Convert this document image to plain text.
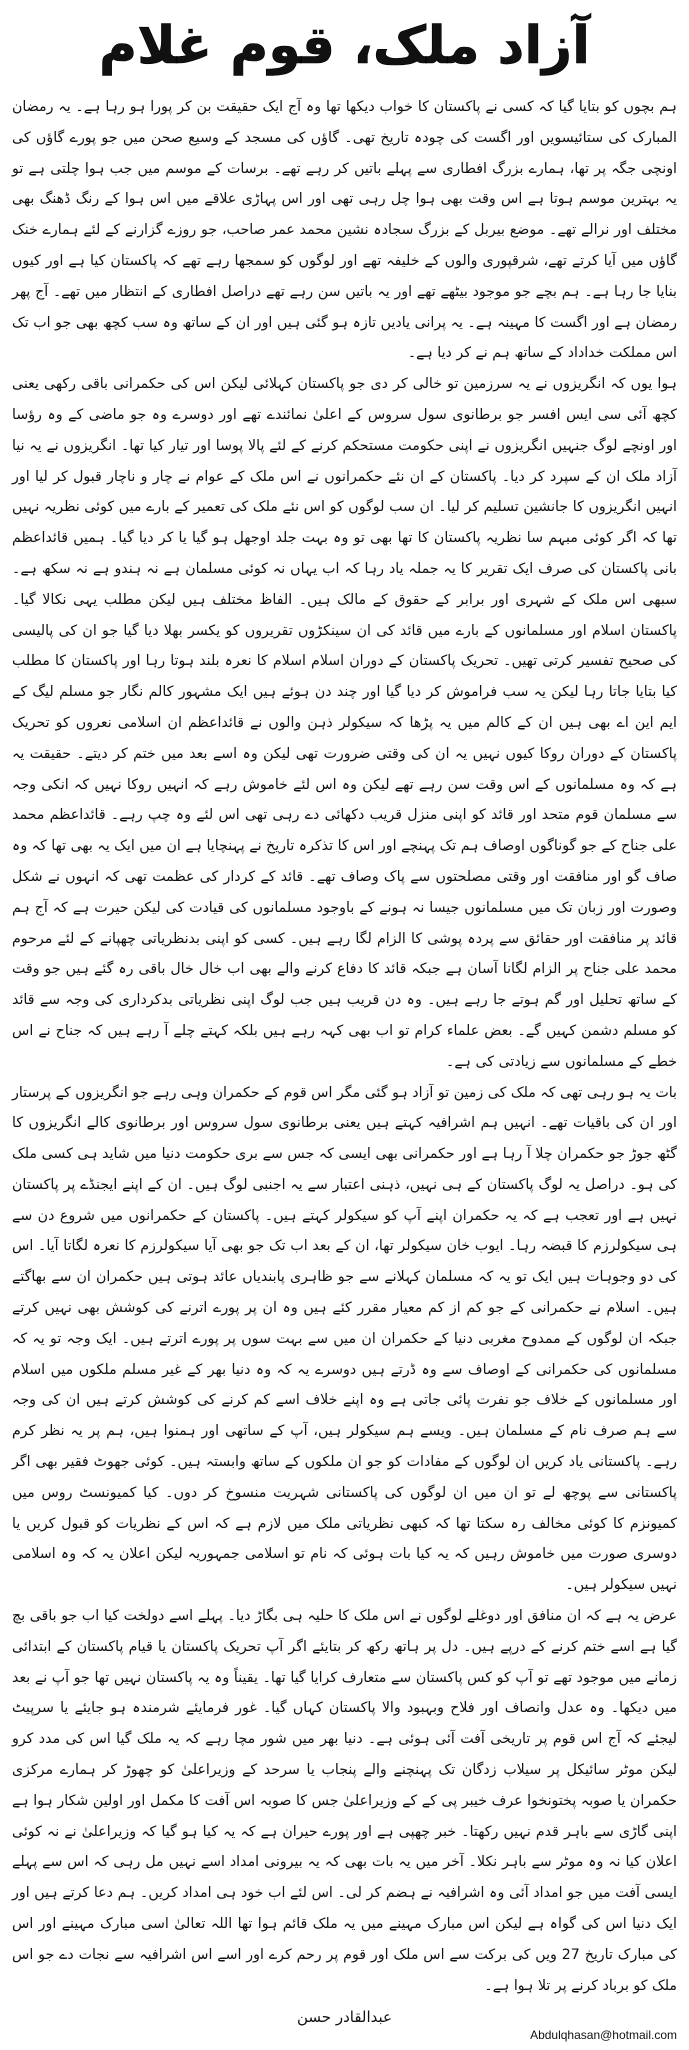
آزاد ملک، قوم غلام

ہم بچوں کو بتایا گیا کہ کسی نے پاکستان کا خواب دیکھا تھا وہ آج ایک حقیقت بن کر پورا ہو رہا ہے۔ یہ رمضان المبارک کی ستائیسویں اور اگست کی چودہ تاریخ تھی۔ گاؤں کی مسجد کے وسیع صحن میں جو پورے گاؤں کی اونچی جگہ پر تھا، ہمارے بزرگ افطاری سے پہلے باتیں کر رہے تھے۔ برسات کے موسم میں جب ہوا چلتی ہے تو یہ بہترین موسم ہوتا ہے اس وقت بھی ہوا چل رہی تھی اور اس پہاڑی علاقے میں اس ہوا کے رنگ ڈھنگ بھی مختلف اور نرالے تھے۔ موضع بیربل کے بزرگ سجادہ نشین محمد عمر صاحب، جو روزے گزارنے کے لئے ہمارے خنک گاؤں میں آیا کرتے تھے، شرقپوری والوں کے خلیفہ تھے اور لوگوں کو سمجھا رہے تھے کہ پاکستان کیا ہے اور کیوں بنایا جا رہا ہے۔ ہم بچے جو موجود بیٹھے تھے اور یہ باتیں سن رہے تھے دراصل افطاری کے انتظار میں تھے۔ آج پھر رمضان ہے اور اگست کا مہینہ ہے۔ یہ پرانی یادیں تازہ ہو گئی ہیں اور ان کے ساتھ وہ سب کچھ بھی جو اب تک اس مملکت خداداد کے ساتھ ہم نے کر دیا ہے۔

ہوا یوں کہ انگریزوں نے یہ سرزمین تو خالی کر دی جو پاکستان کہلائی لیکن اس کی حکمرانی باقی رکھی یعنی کچھ آئی سی ایس افسر جو برطانوی سول سروس کے اعلیٰ نمائندے تھے اور دوسرے وہ جو ماضی کے وہ رؤسا اور اونچے لوگ جنہیں انگریزوں نے اپنی حکومت مستحکم کرنے کے لئے پالا پوسا اور تیار کیا تھا۔ انگریزوں نے یہ نیا آزاد ملک ان کے سپرد کر دیا۔ پاکستان کے ان نئے حکمرانوں نے اس ملک کے عوام نے چار و ناچار قبول کر لیا اور انہیں انگریزوں کا جانشین تسلیم کر لیا۔ ان سب لوگوں کو اس نئے ملک کی تعمیر کے بارے میں کوئی نظریہ نہیں تھا کہ اگر کوئی مبہم سا نظریہ پاکستان کا تھا بھی تو وہ بہت جلد اوجھل ہو گیا یا کر دیا گیا۔ ہمیں قائداعظم بانی پاکستان کی صرف ایک تقریر کا یہ جملہ یاد رہا کہ اب یہاں نہ کوئی مسلمان ہے نہ ہندو ہے نہ سکھ ہے۔ سبھی اس ملک کے شہری اور برابر کے حقوق کے مالک ہیں۔ الفاظ مختلف ہیں لیکن مطلب یہی نکالا گیا۔ پاکستان اسلام اور مسلمانوں کے بارے میں قائد کی ان سینکڑوں تقریروں کو یکسر بھلا دیا گیا جو ان کی پالیسی کی صحیح تفسیر کرتی تھیں۔ تحریک پاکستان کے دوران اسلام اسلام کا نعرہ بلند ہوتا رہا اور پاکستان کا مطلب کیا بتایا جاتا رہا لیکن یہ سب فراموش کر دیا گیا اور چند دن ہوئے ہیں ایک مشہور کالم نگار جو مسلم لیگ کے ایم این اے بھی ہیں ان کے کالم میں یہ پڑھا کہ سیکولر ذہن والوں نے قائداعظم ان اسلامی نعروں کو تحریک پاکستان کے دوران روکا کیوں نہیں یہ ان کی وقتی ضرورت تھی لیکن وہ اسے بعد میں ختم کر دیتے۔ حقیقت یہ ہے کہ وہ مسلمانوں کے اس وقت سن رہے تھے لیکن وہ اس لئے خاموش رہے کہ انہیں روکا نہیں کہ انکی وجہ سے مسلمان قوم متحد اور قائد کو اپنی منزل قریب دکھائی دے رہی تھی اس لئے وہ چپ رہے۔ قائداعظم محمد علی جناح کے جو گوناگوں اوصاف ہم تک پہنچے اور اس کا تذکرہ تاریخ نے پہنچایا ہے ان میں ایک یہ بھی تھا کہ وہ صاف گو اور منافقت اور وقتی مصلحتوں سے پاک وصاف تھے۔ قائد کے کردار کی عظمت تھی کہ انہوں نے شکل وصورت اور زبان تک میں مسلمانوں جیسا نہ ہونے کے باوجود مسلمانوں کی قیادت کی لیکن حیرت ہے کہ آج ہم قائد پر منافقت اور حقائق سے پردہ پوشی کا الزام لگا رہے ہیں۔ کسی کو اپنی بدنظریاتی چھپانے کے لئے مرحوم محمد علی جناح پر الزام لگانا آسان ہے جبکہ قائد کا دفاع کرنے والے بھی اب خال خال باقی رہ گئے ہیں جو وقت کے ساتھ تحلیل اور گم ہوتے جا رہے ہیں۔ وہ دن قریب ہیں جب لوگ اپنی نظریاتی بدکرداری کی وجہ سے قائد کو مسلم دشمن کہیں گے۔ بعض علماء کرام تو اب بھی کہہ رہے ہیں بلکہ کہتے چلے آ رہے ہیں کہ جناح نے اس خطے کے مسلمانوں سے زیادتی کی ہے۔

بات یہ ہو رہی تھی کہ ملک کی زمین تو آزاد ہو گئی مگر اس قوم کے حکمران وہی رہے جو انگریزوں کے پرستار اور ان کی باقیات تھے۔ انہیں ہم اشرافیہ کہتے ہیں یعنی برطانوی سول سروس اور برطانوی کالے انگریزوں کا گٹھ جوڑ جو حکمران چلا آ رہا ہے اور حکمرانی بھی ایسی کہ جس سے بری حکومت دنیا میں شاید ہی کسی ملک کی ہو۔ دراصل یہ لوگ پاکستان کے ہی نہیں، ذہنی اعتبار سے یہ اجنبی لوگ ہیں۔ ان کے اپنے ایجنڈے پر پاکستان نہیں ہے اور تعجب ہے کہ یہ حکمران اپنے آپ کو سیکولر کہتے ہیں۔ پاکستان کے حکمرانوں میں شروع دن سے ہی سیکولرزم کا قبضہ رہا۔ ایوب خان سیکولر تھا، ان کے بعد اب تک جو بھی آیا سیکولرزم کا نعرہ لگاتا آیا۔ اس کی دو وجوہات ہیں ایک تو یہ کہ مسلمان کہلانے سے جو ظاہری پابندیاں عائد ہوتی ہیں حکمران ان سے بھاگتے ہیں۔ اسلام نے حکمرانی کے جو کم از کم معیار مقرر کئے ہیں وہ ان پر پورے اترنے کی کوشش بھی نہیں کرتے جبکہ ان لوگوں کے ممدوح مغربی دنیا کے حکمران ان میں سے بہت سوں پر پورے اترتے ہیں۔ ایک وجہ تو یہ کہ مسلمانوں کی حکمرانی کے اوصاف سے وہ ڈرتے ہیں دوسرے یہ کہ وہ دنیا بھر کے غیر مسلم ملکوں میں اسلام اور مسلمانوں کے خلاف جو نفرت پائی جاتی ہے وہ اپنے خلاف اسے کم کرنے کی کوشش کرتے ہیں ان کی وجہ سے ہم صرف نام کے مسلمان ہیں۔ ویسے ہم سیکولر ہیں، آپ کے ساتھی اور ہمنوا ہیں، ہم پر یہ نظر کرم رہے۔ پاکستانی یاد کریں ان لوگوں کے مفادات کو جو ان ملکوں کے ساتھ وابستہ ہیں۔ کوئی جھوٹ فقیر بھی اگر پاکستانی سے پوچھ لے تو ان میں ان لوگوں کی پاکستانی شہریت منسوخ کر دوں۔ کیا کمیونسٹ روس میں کمیونزم کا کوئی مخالف رہ سکتا تھا کہ کبھی نظریاتی ملک میں لازم ہے کہ اس کے نظریات کو قبول کریں یا دوسری صورت میں خاموش رہیں کہ یہ کیا بات ہوئی کہ نام تو اسلامی جمہوریہ لیکن اعلان یہ کہ وہ اسلامی نہیں سیکولر ہیں۔

عرض یہ ہے کہ ان منافق اور دوغلے لوگوں نے اس ملک کا حلیہ ہی بگاڑ دیا۔ پہلے اسے دولخت کیا اب جو باقی بچ گیا ہے اسے ختم کرنے کے درپے ہیں۔ دل پر ہاتھ رکھ کر بتایئے اگر آپ تحریک پاکستان یا قیام پاکستان کے ابتدائی زمانے میں موجود تھے تو آپ کو کس پاکستان سے متعارف کرایا گیا تھا۔ یقیناً وہ یہ پاکستان نہیں تھا جو آپ نے بعد میں دیکھا۔ وہ عدل وانصاف اور فلاح وبہبود والا پاکستان کہاں گیا۔ غور فرمایئے شرمندہ ہو جایئے یا سرپیٹ لیجئے کہ آج اس قوم پر تاریخی آفت آئی ہوئی ہے۔ دنیا بھر میں شور مچا رہے کہ یہ ملک گیا اس کی مدد کرو لیکن موٹر سائیکل پر سیلاب زدگان تک پہنچنے والے پنجاب یا سرحد کے وزیراعلیٰ کو چھوڑ کر ہمارے مرکزی حکمران یا صوبہ پختونخوا عرف خیبر پی کے کے وزیراعلیٰ جس کا صوبہ اس آفت کا مکمل اور اولین شکار ہوا ہے اپنی گاڑی سے باہر قدم نہیں رکھتا۔ خبر چھپی ہے اور پورے حیران ہے کہ یہ کیا ہو گیا کہ وزیراعلیٰ نے نہ کوئی اعلان کیا نہ وہ موٹر سے باہر نکلا۔ آخر میں یہ بات بھی کہ یہ بیرونی امداد اسے نہیں مل رہی کہ اس سے پہلے ایسی آفت میں جو امداد آئی وہ اشرافیہ نے ہضم کر لی۔ اس لئے اب خود ہی امداد کریں۔ ہم دعا کرتے ہیں اور ایک دنیا اس کی گواہ ہے لیکن اس مبارک مہینے میں یہ ملک قائم ہوا تھا اللہ تعالیٰ اسی مبارک مہینے اور اس کی مبارک تاریخ 27 ویں کی برکت سے اس ملک اور قوم پر رحم کرے اور اسے اس اشرافیہ سے نجات دے جو اس ملک کو برباد کرنے پر تلا ہوا ہے۔

عبدالقادر حسن
Abdulqhasan@hotmail.com
